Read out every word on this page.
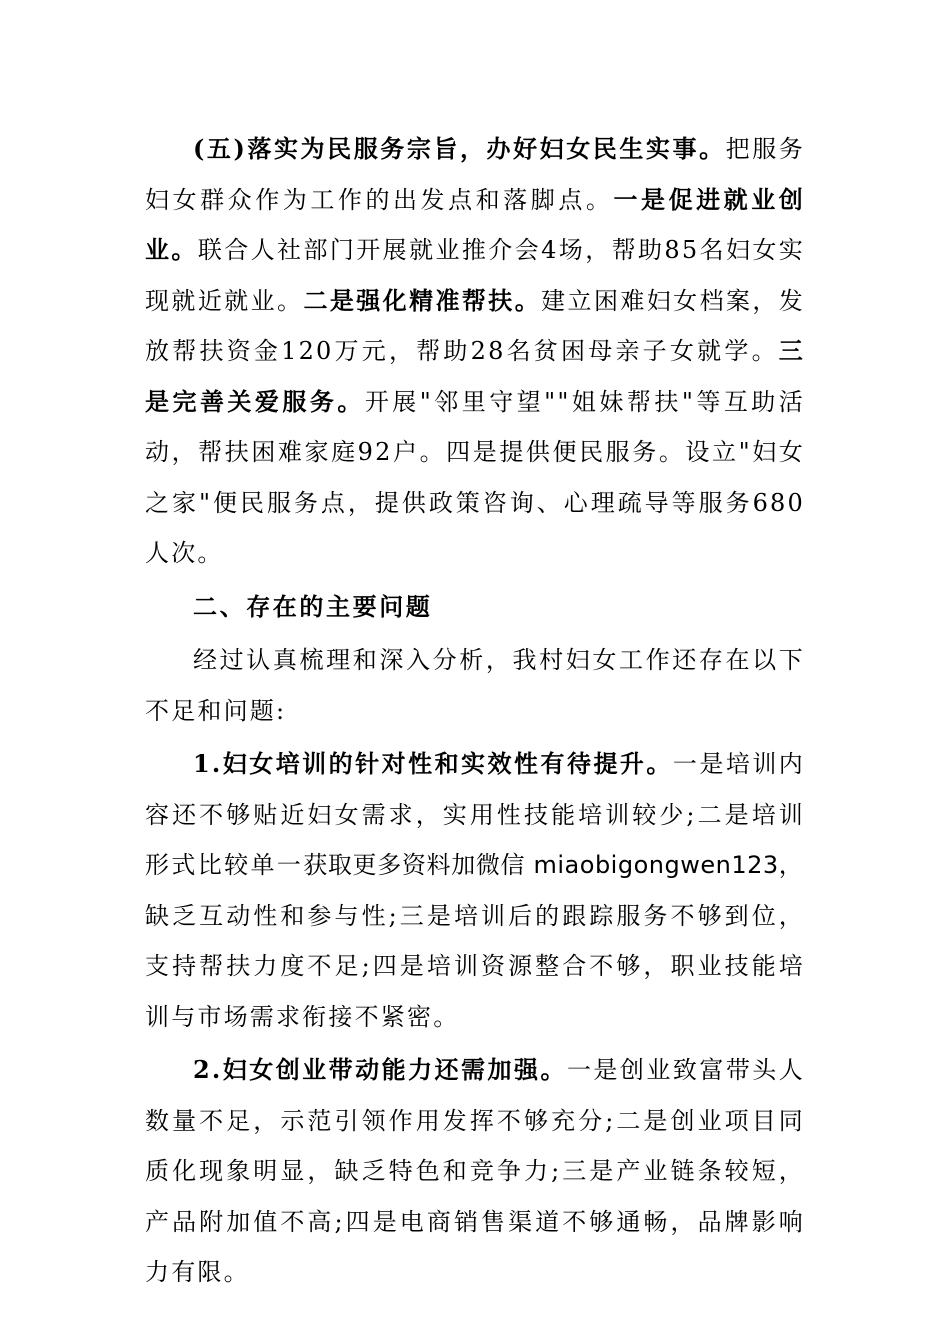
(五)落实为民服务宗旨，办好妇女民生实事。把服务妇女群众作为工作的出发点和落脚点。一是促进就业创业。联合人社部门开展就业推介会4场，帮助85名妇女实现就近就业。二是强化精准帮扶。建立困难妇女档案，发放帮扶资金120万元，帮助28名贫困母亲子女就学。三是完善关爱服务。开展"邻里守望""姐妹帮扶"等互助活动，帮扶困难家庭92户。四是提供便民服务。设立"妇女之家"便民服务点，提供政策咨询、心理疏导等服务680人次。

二、存在的主要问题

经过认真梳理和深入分析，我村妇女工作还存在以下不足和问题:

1.妇女培训的针对性和实效性有待提升。一是培训内容还不够贴近妇女需求，实用性技能培训较少;二是培训形式比较单一获取更多资料加微信 miaobigongwen123，缺乏互动性和参与性;三是培训后的跟踪服务不够到位，支持帮扶力度不足;四是培训资源整合不够，职业技能培训与市场需求衔接不紧密。

2.妇女创业带动能力还需加强。一是创业致富带头人数量不足，示范引领作用发挥不够充分;二是创业项目同质化现象明显，缺乏特色和竞争力;三是产业链条较短，产品附加值不高;四是电商销售渠道不够通畅，品牌影响力有限。
